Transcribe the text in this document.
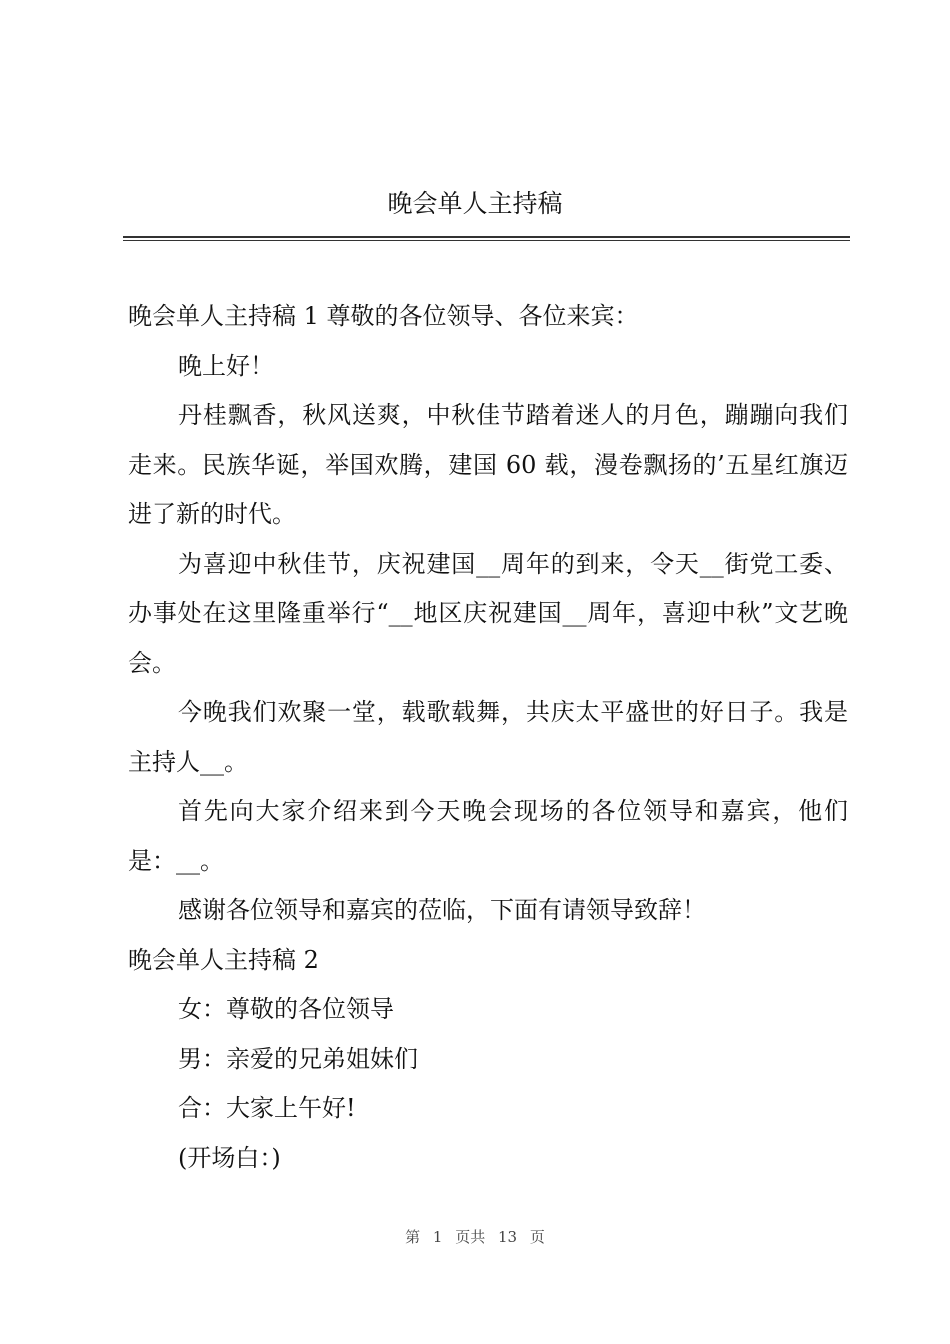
晚会单人主持稿

晚会单人主持稿 1 尊敬的各位领导、各位来宾：

晚上好！

丹桂飘香，秋风送爽，中秋佳节踏着迷人的月色，蹦蹦向我们走来。民族华诞，举国欢腾，建国 60 载，漫卷飘扬的’五星红旗迈进了新的时代。

为喜迎中秋佳节，庆祝建国__周年的到来，令天__街党工委、办事处在这里隆重举行“__地区庆祝建国__周年，喜迎中秋”文艺晚会。

今晚我们欢聚一堂，载歌载舞，共庆太平盛世的好日子。我是主持人__。

首先向大家介绍来到今天晚会现场的各位领导和嘉宾，他们是：__。

感谢各位领导和嘉宾的莅临，下面有请领导致辞！

晚会单人主持稿 2

女：尊敬的各位领导

男：亲爱的兄弟姐妹们

合：大家上午好!

(开场白：)

第 1 页共 13 页
